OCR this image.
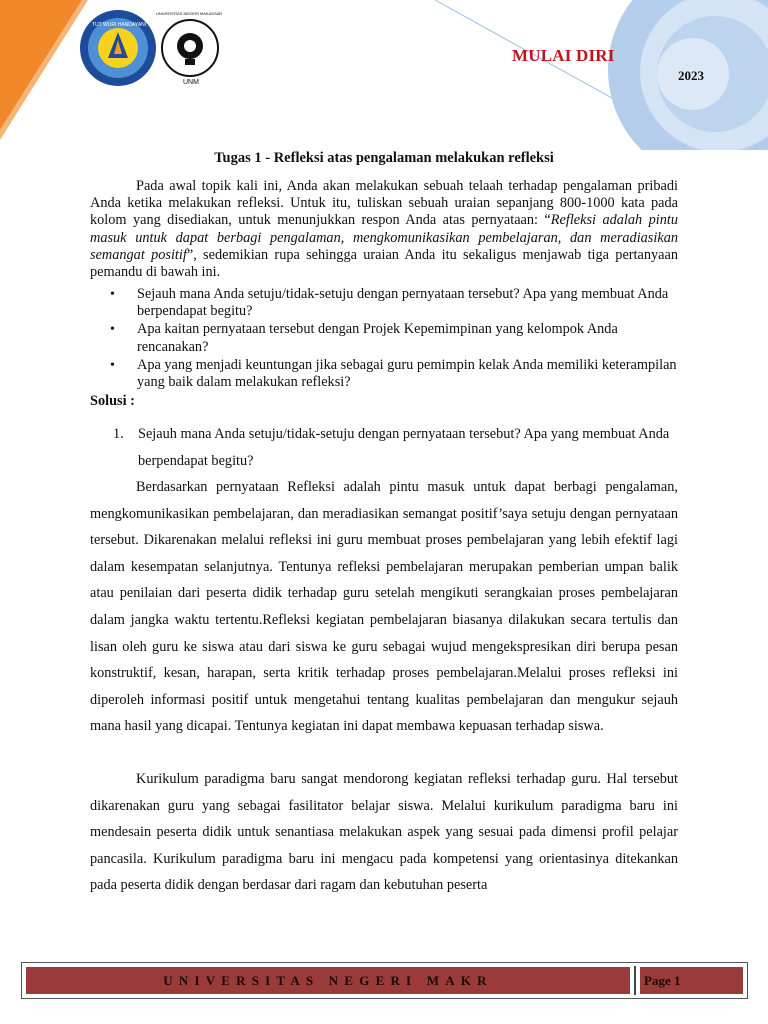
TUT WURI HANDAYANI
UNIVERSITAS NEGERI MAKASSAR
UNM
MULAI DIRI
2023
Tugas 1 - Refleksi atas pengalaman melakukan refleksi
Pada awal topik kali ini, Anda akan melakukan sebuah telaah terhadap pengalaman pribadi Anda ketika melakukan refleksi. Untuk itu, tuliskan sebuah uraian sepanjang 800-1000 kata pada kolom yang disediakan, untuk menunjukkan respon Anda atas pernyataan: “Refleksi adalah pintu masuk untuk dapat berbagi pengalaman, mengkomunikasikan pembelajaran, dan meradiasikan semangat positif”, sedemikian rupa sehingga uraian Anda itu sekaligus menjawab tiga pertanyaan pemandu di bawah ini.
•	Sejauh mana Anda setuju/tidak-setuju dengan pernyataan tersebut? Apa yang membuat Anda berpendapat begitu?
•	Apa kaitan pernyataan tersebut dengan Projek Kepemimpinan yang kelompok Anda rencanakan?
•	Apa yang menjadi keuntungan jika sebagai guru pemimpin kelak Anda memiliki keterampilan yang baik dalam melakukan refleksi?
Solusi :
1. Sejauh mana Anda setuju/tidak-setuju dengan pernyataan tersebut? Apa yang membuat Anda berpendapat begitu?
Berdasarkan pernyataan Refleksi adalah pintu masuk untuk dapat berbagi pengalaman, mengkomunikasikan pembelajaran, dan meradiasikan semangat positif’saya setuju dengan pernyataan tersebut. Dikarenakan melalui refleksi ini guru membuat proses pembelajaran yang lebih efektif lagi dalam kesempatan selanjutnya. Tentunya refleksi pembelajaran merupakan pemberian umpan balik atau penilaian dari peserta didik terhadap guru setelah mengikuti serangkaian proses pembelajaran dalam jangka waktu tertentu.Refleksi kegiatan pembelajaran biasanya dilakukan secara tertulis dan lisan oleh guru ke siswa atau dari siswa ke guru sebagai wujud mengekspresikan diri berupa pesan konstruktif, kesan, harapan, serta kritik terhadap proses pembelajaran.Melalui proses refleksi ini diperoleh informasi positif untuk mengetahui tentang kualitas pembelajaran dan mengukur sejauh mana hasil yang dicapai. Tentunya kegiatan ini dapat membawa kepuasan terhadap siswa.
Kurikulum paradigma baru sangat mendorong kegiatan refleksi terhadap guru. Hal tersebut dikarenakan guru yang sebagai fasilitator belajar siswa. Melalui kurikulum paradigma baru ini mendesain peserta didik untuk senantiasa melakukan aspek yang sesuai pada dimensi profil pelajar pancasila. Kurikulum paradigma baru ini mengacu pada kompetensi yang orientasinya ditekankan pada peserta didik dengan berdasar dari ragam dan kebutuhan peserta
UNIVERSITAS NEGERI MAKR	Page 1
